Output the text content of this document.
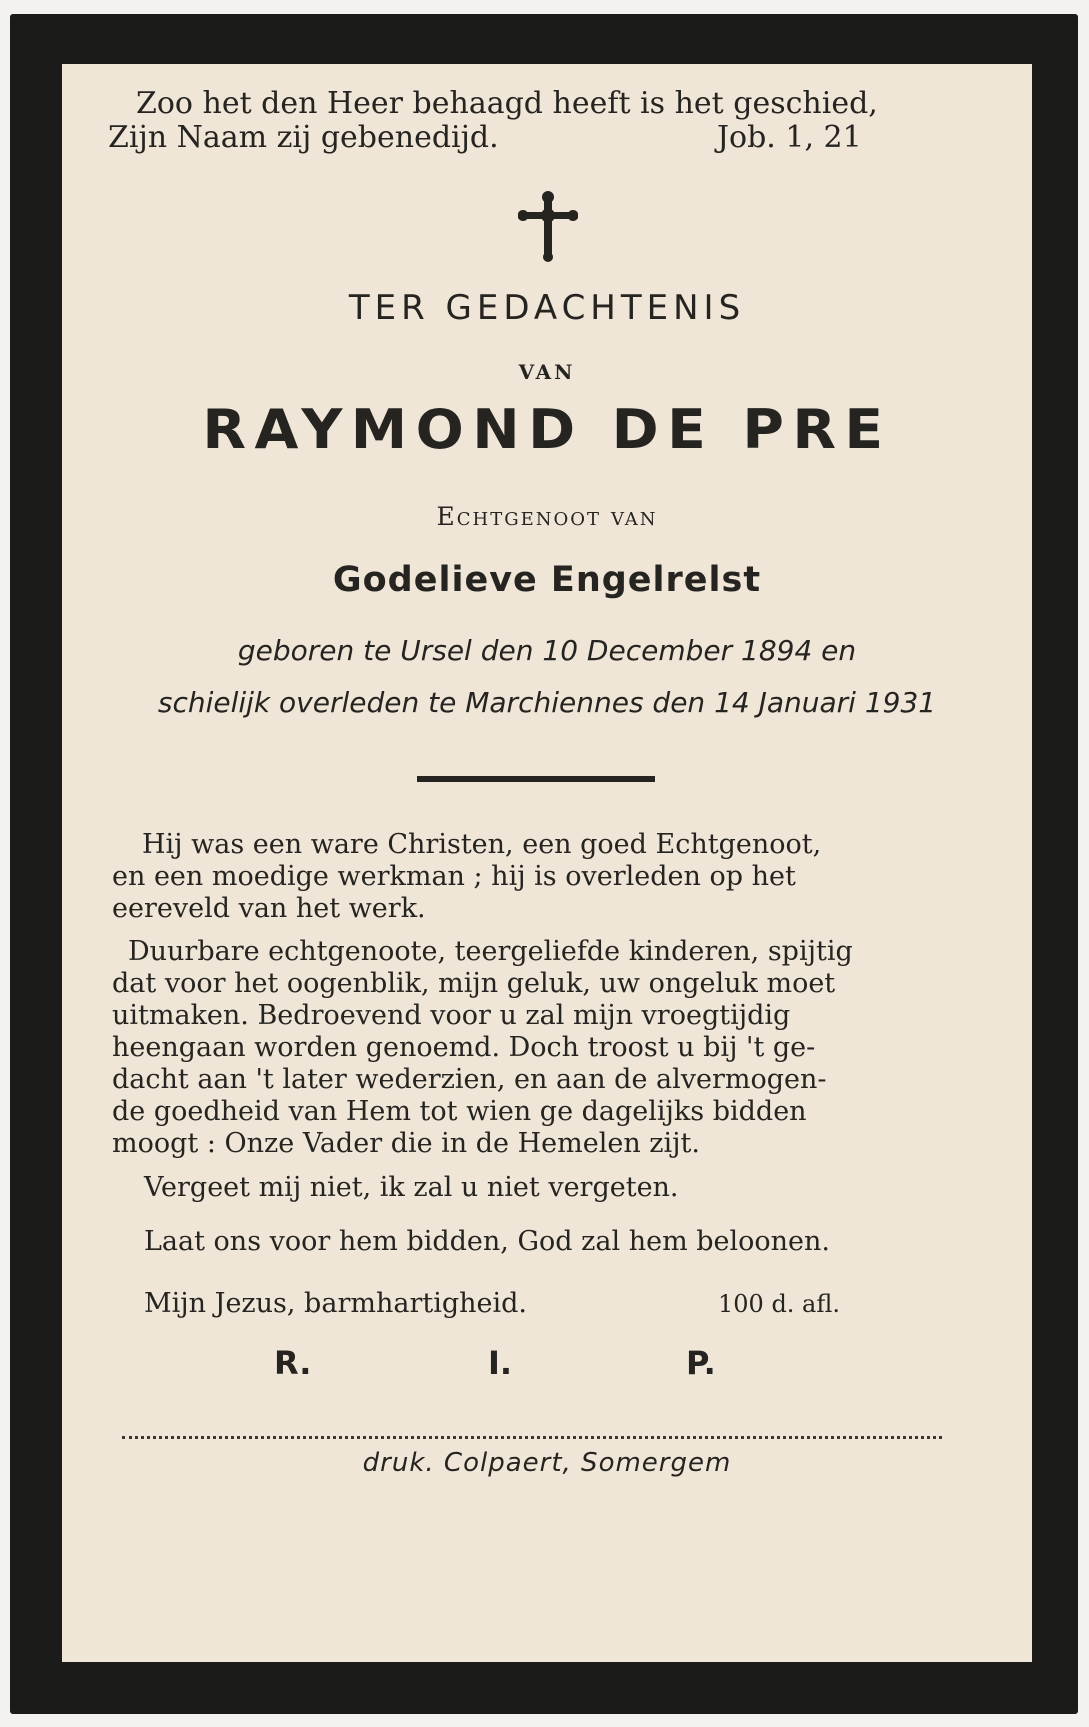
Zoo het den Heer behaagd heeft is het geschied,
Zijn Naam zij gebenedijd.	Job. 1, 21
TER GEDACHTENIS
VAN
RAYMOND DE PRE
Echtgenoot van
Godelieve Engelrelst
geboren te Ursel den 10 December 1894 en
schielijk overleden te Marchiennes den 14 Januari 1931
Hij was een ware Christen, een goed Echtgenoot,
en een moedige werkman ; hij is overleden op het
eereveld van het werk.
Duurbare echtgenoote, teergeliefde kinderen, spijtig
dat voor het oogenblik, mijn geluk, uw ongeluk moet
uitmaken. Bedroevend voor u zal mijn vroegtijdig
heengaan worden genoemd. Doch troost u bij 't ge-
dacht aan 't later wederzien, en aan de alvermogen-
de goedheid van Hem tot wien ge dagelijks bidden
moogt : Onze Vader die in de Hemelen zijt.
Vergeet mij niet, ik zal u niet vergeten.
Laat ons voor hem bidden, God zal hem beloonen.
Mijn Jezus, barmhartigheid.	100 d. afl.
R.	I.	P.
druk. Colpaert, Somergem
